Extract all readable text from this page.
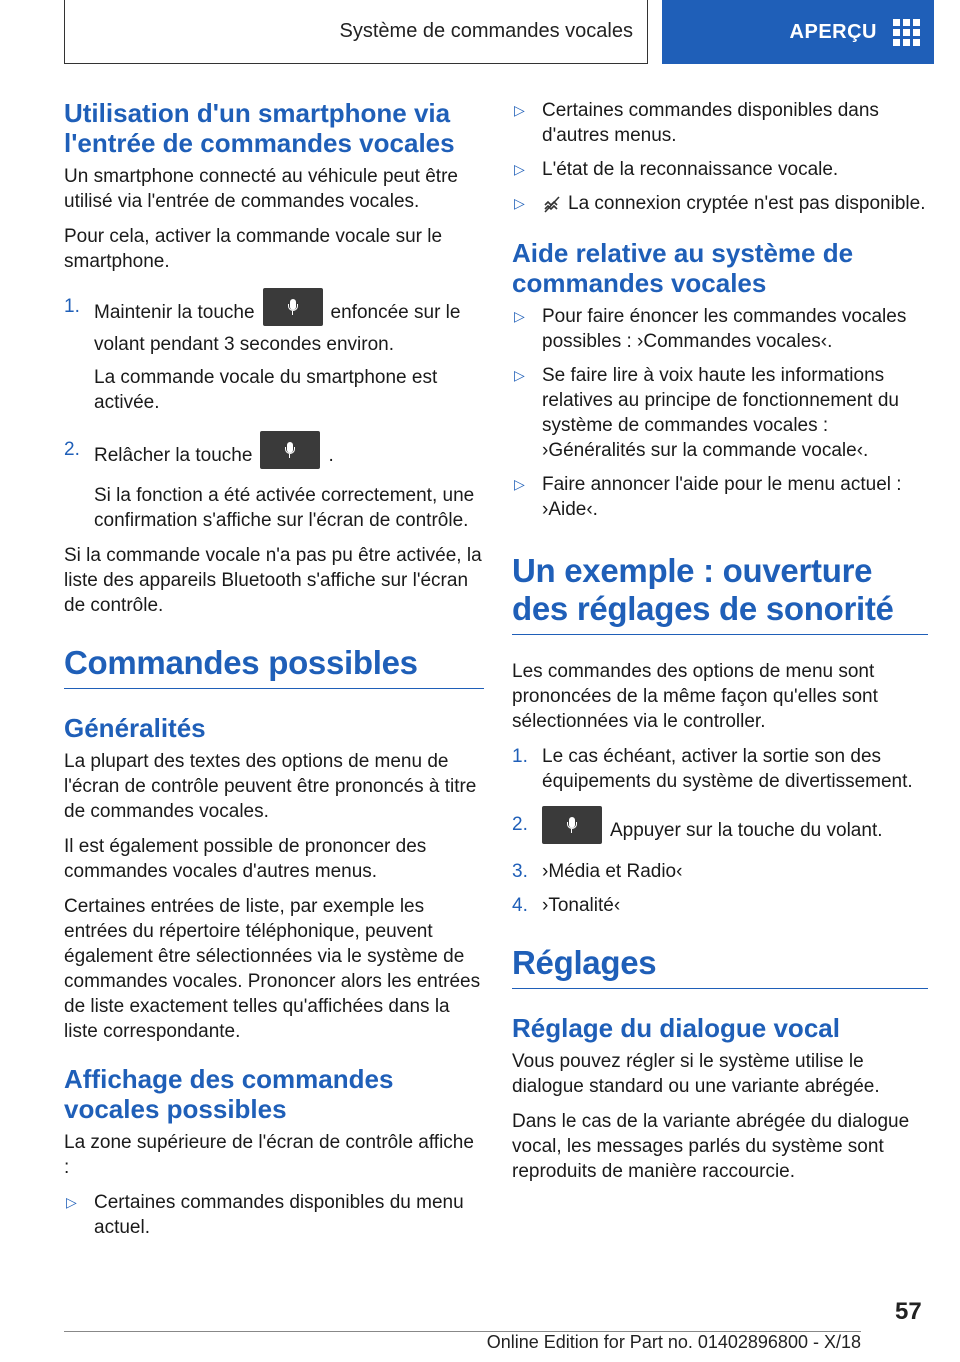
Système de commandes vocales	APERÇU
Utilisation d'un smartphone via l'entrée de commandes vocales

Un smartphone connecté au véhicule peut être utilisé via l'entrée de commandes vocales.

Pour cela, activer la commande vocale sur le smartphone.

1. Maintenir la touche	enfoncée sur le volant pendant 3 secondes environ.
La commande vocale du smartphone est activée.
2. Relâcher la touche	.
Si la fonction a été activée correctement, une confirmation s'affiche sur l'écran de contrôle.

Si la commande vocale n'a pas pu être activée, la liste des appareils Bluetooth s'affiche sur l'écran de contrôle.

Commandes possibles
Généralités

La plupart des textes des options de menu de l'écran de contrôle peuvent être prononcés à titre de commandes vocales.

Il est également possible de prononcer des commandes vocales d'autres menus.

Certaines entrées de liste, par exemple les entrées du répertoire téléphonique, peuvent également être sélectionnées via le système de commandes vocales. Prononcer alors les entrées de liste exactement telles qu'affichées dans la liste correspondante.

Affichage des commandes vocales possibles

La zone supérieure de l'écran de contrôle affiche :

▷ Certaines commandes disponibles du menu actuel.
▷ Certaines commandes disponibles dans d'autres menus.
▷ L'état de la reconnaissance vocale.
▷ La connexion cryptée n'est pas disponible.
Aide relative au système de commandes vocales
▷ Pour faire énoncer les commandes vocales possibles : ›Commandes vocales‹.
▷ Se faire lire à voix haute les informations relatives au principe de fonctionnement du système de commandes vocales : ›Généralités sur la commande vocale‹.
▷ Faire annoncer l'aide pour le menu actuel : ›Aide‹.
Un exemple : ouverture des réglages de sonorité

Les commandes des options de menu sont prononcées de la même façon qu'elles sont sélectionnées via le controller.

1. Le cas échéant, activer la sortie son des équipements du système de divertissement.
2.	Appuyer sur la touche du volant.
3. ›Média et Radio‹
4. ›Tonalité‹
Réglages
Réglage du dialogue vocal

Vous pouvez régler si le système utilise le dialogue standard ou une variante abrégée.

Dans le cas de la variante abrégée du dialogue vocal, les messages parlés du système sont reproduits de manière raccourcie.

57
Online Edition for Part no. 01402896800 - X/18
